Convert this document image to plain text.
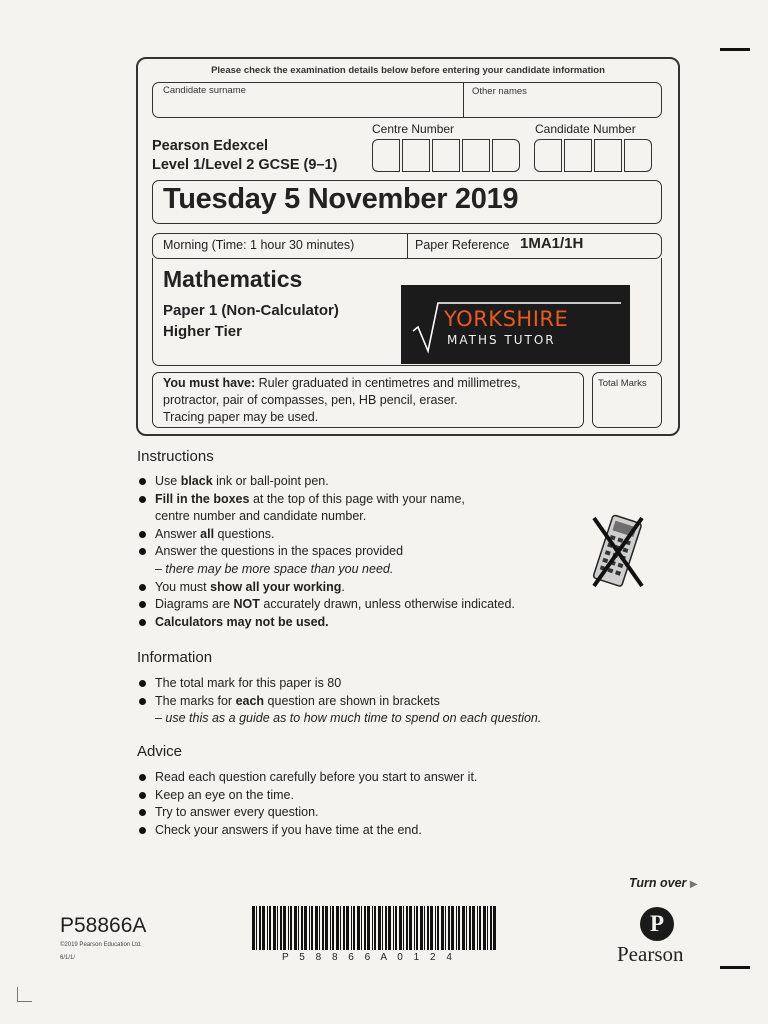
Please check the examination details below before entering your candidate information
Candidate surname	Other names
Pearson Edexcel
Level 1/Level 2 GCSE (9–1)
Centre Number	Candidate Number
Tuesday 5 November 2019
Morning (Time: 1 hour 30 minutes)	Paper Reference 1MA1/1H
Mathematics
Paper 1 (Non-Calculator)
Higher Tier
YORKSHIRE
MATHS TUTOR
You must have: Ruler graduated in centimetres and millimetres,
protractor, pair of compasses, pen, HB pencil, eraser.
Tracing paper may be used.
Total Marks
Instructions
Use black ink or ball-point pen.
Fill in the boxes at the top of this page with your name,
centre number and candidate number.
Answer all questions.
Answer the questions in the spaces provided
– there may be more space than you need.
You must show all your working.
Diagrams are NOT accurately drawn, unless otherwise indicated.
Calculators may not be used.
Information
The total mark for this paper is 80
The marks for each question are shown in brackets
– use this as a guide as to how much time to spend on each question.
Advice
Read each question carefully before you start to answer it.
Keep an eye on the time.
Try to answer every question.
Check your answers if you have time at the end.
Turn over ▶
P58866A
©2019 Pearson Education Ltd.
6/1/1/	P 5 8 8 6 6 A 0 1 2 4
P
Pearson
